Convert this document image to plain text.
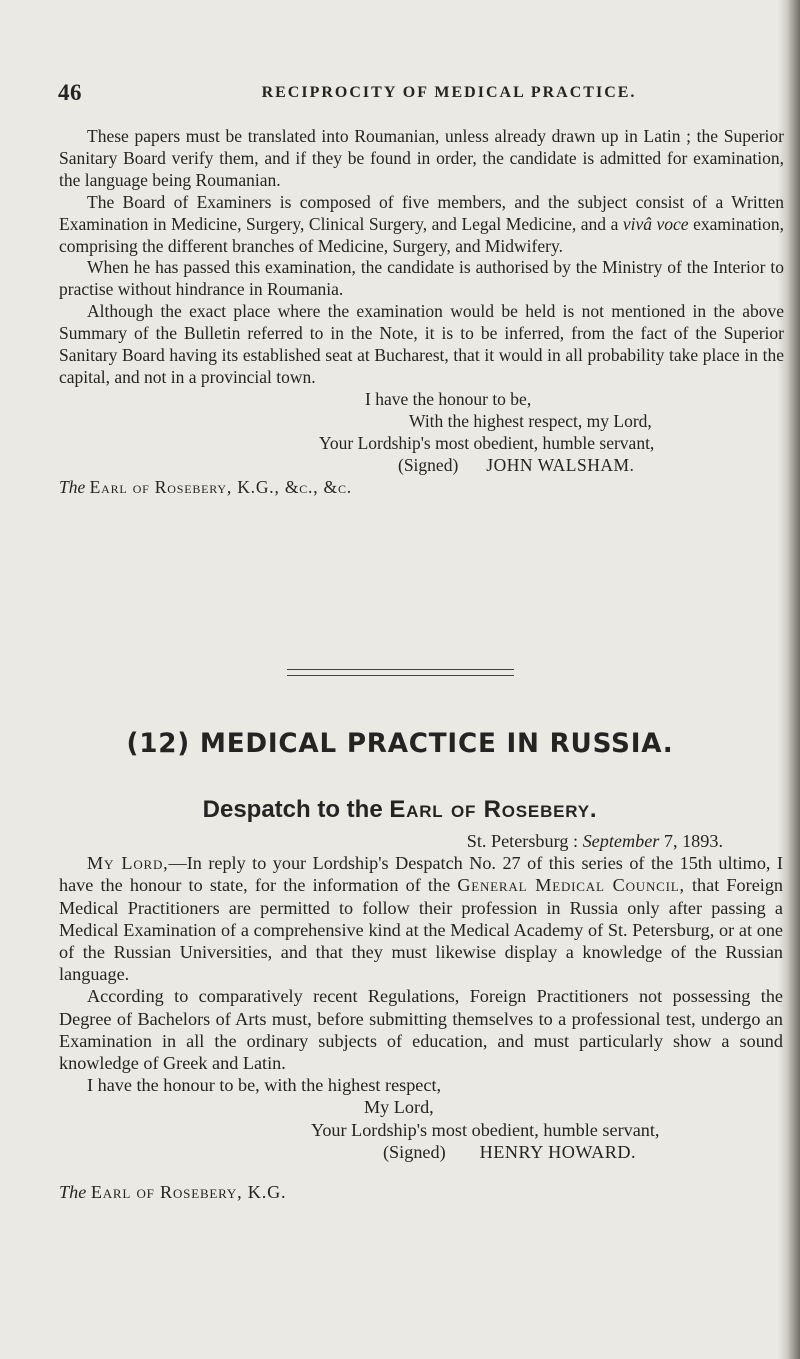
46	RECIPROCITY OF MEDICAL PRACTICE.

These papers must be translated into Roumanian, unless already drawn up in Latin ; the Superior Sanitary Board verify them, and if they be found in order, the candidate is admitted for examination, the language being Roumanian.

The Board of Examiners is composed of five members, and the subject consist of a Written Examination in Medicine, Surgery, Clinical Surgery, and Legal Medicine, and a vivâ voce examination, comprising the different branches of Medicine, Surgery, and Midwifery.

When he has passed this examination, the candidate is authorised by the Ministry of the Interior to practise without hindrance in Roumania.

Although the exact place where the examination would be held is not mentioned in the above Summary of the Bulletin referred to in the Note, it is to be inferred, from the fact of the Superior Sanitary Board having its established seat at Bucharest, that it would in all probability take place in the capital, and not in a provincial town.

I have the honour to be,
With the highest respect, my Lord,
Your Lordship's most obedient, humble servant,
(Signed) JOHN WALSHAM.
The Earl of Rosebery, K.G., &c., &c.
(12) MEDICAL PRACTICE IN RUSSIA.
Despatch to the Earl of Rosebery.
St. Petersburg : September 7, 1893.

My Lord,—In reply to your Lordship's Despatch No. 27 of this series of the 15th ultimo, I have the honour to state, for the information of the General Medical Council, that Foreign Medical Practitioners are permitted to follow their profession in Russia only after passing a Medical Examination of a comprehensive kind at the Medical Academy of St. Petersburg, or at one of the Russian Universities, and that they must likewise display a knowledge of the Russian language.

According to comparatively recent Regulations, Foreign Practitioners not possessing the Degree of Bachelors of Arts must, before submitting themselves to a professional test, undergo an Examination in all the ordinary subjects of education, and must particularly show a sound knowledge of Greek and Latin.

I have the honour to be, with the highest respect,
My Lord,
Your Lordship's most obedient, humble servant,
(Signed) HENRY HOWARD.
The Earl of Rosebery, K.G.
